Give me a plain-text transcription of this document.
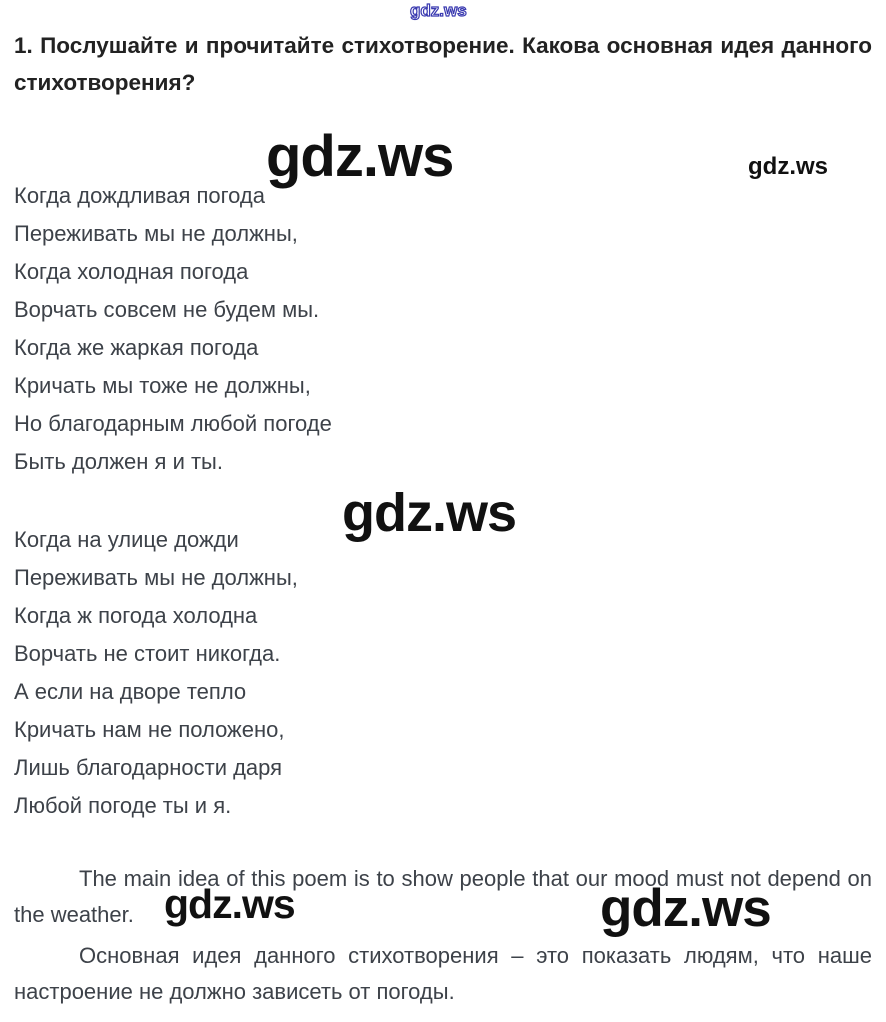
gdz.ws
gdz.ws	gdz.ws
gdz.ws
gdz.ws	gdz.ws
1. Послушайте и прочитайте стихотворение. Какова основная идея данного
стихотворения?
Когда дождливая погода
Переживать мы не должны,
Когда холодная погода
Ворчать совсем не будем мы.
Когда же жаркая погода
Кричать мы тоже не должны,
Но благодарным любой погоде
Быть должен я и ты.
Когда на улице дожди
Переживать мы не должны,
Когда ж погода холодна
Ворчать не стоит никогда.
А если на дворе тепло
Кричать нам не положено,
Лишь благодарности даря
Любой погоде ты и я.
The main idea of this poem is to show people that our mood must not depend on
the weather.
Основная идея данного стихотворения – это показать людям, что наше
настроение не должно зависеть от погоды.
